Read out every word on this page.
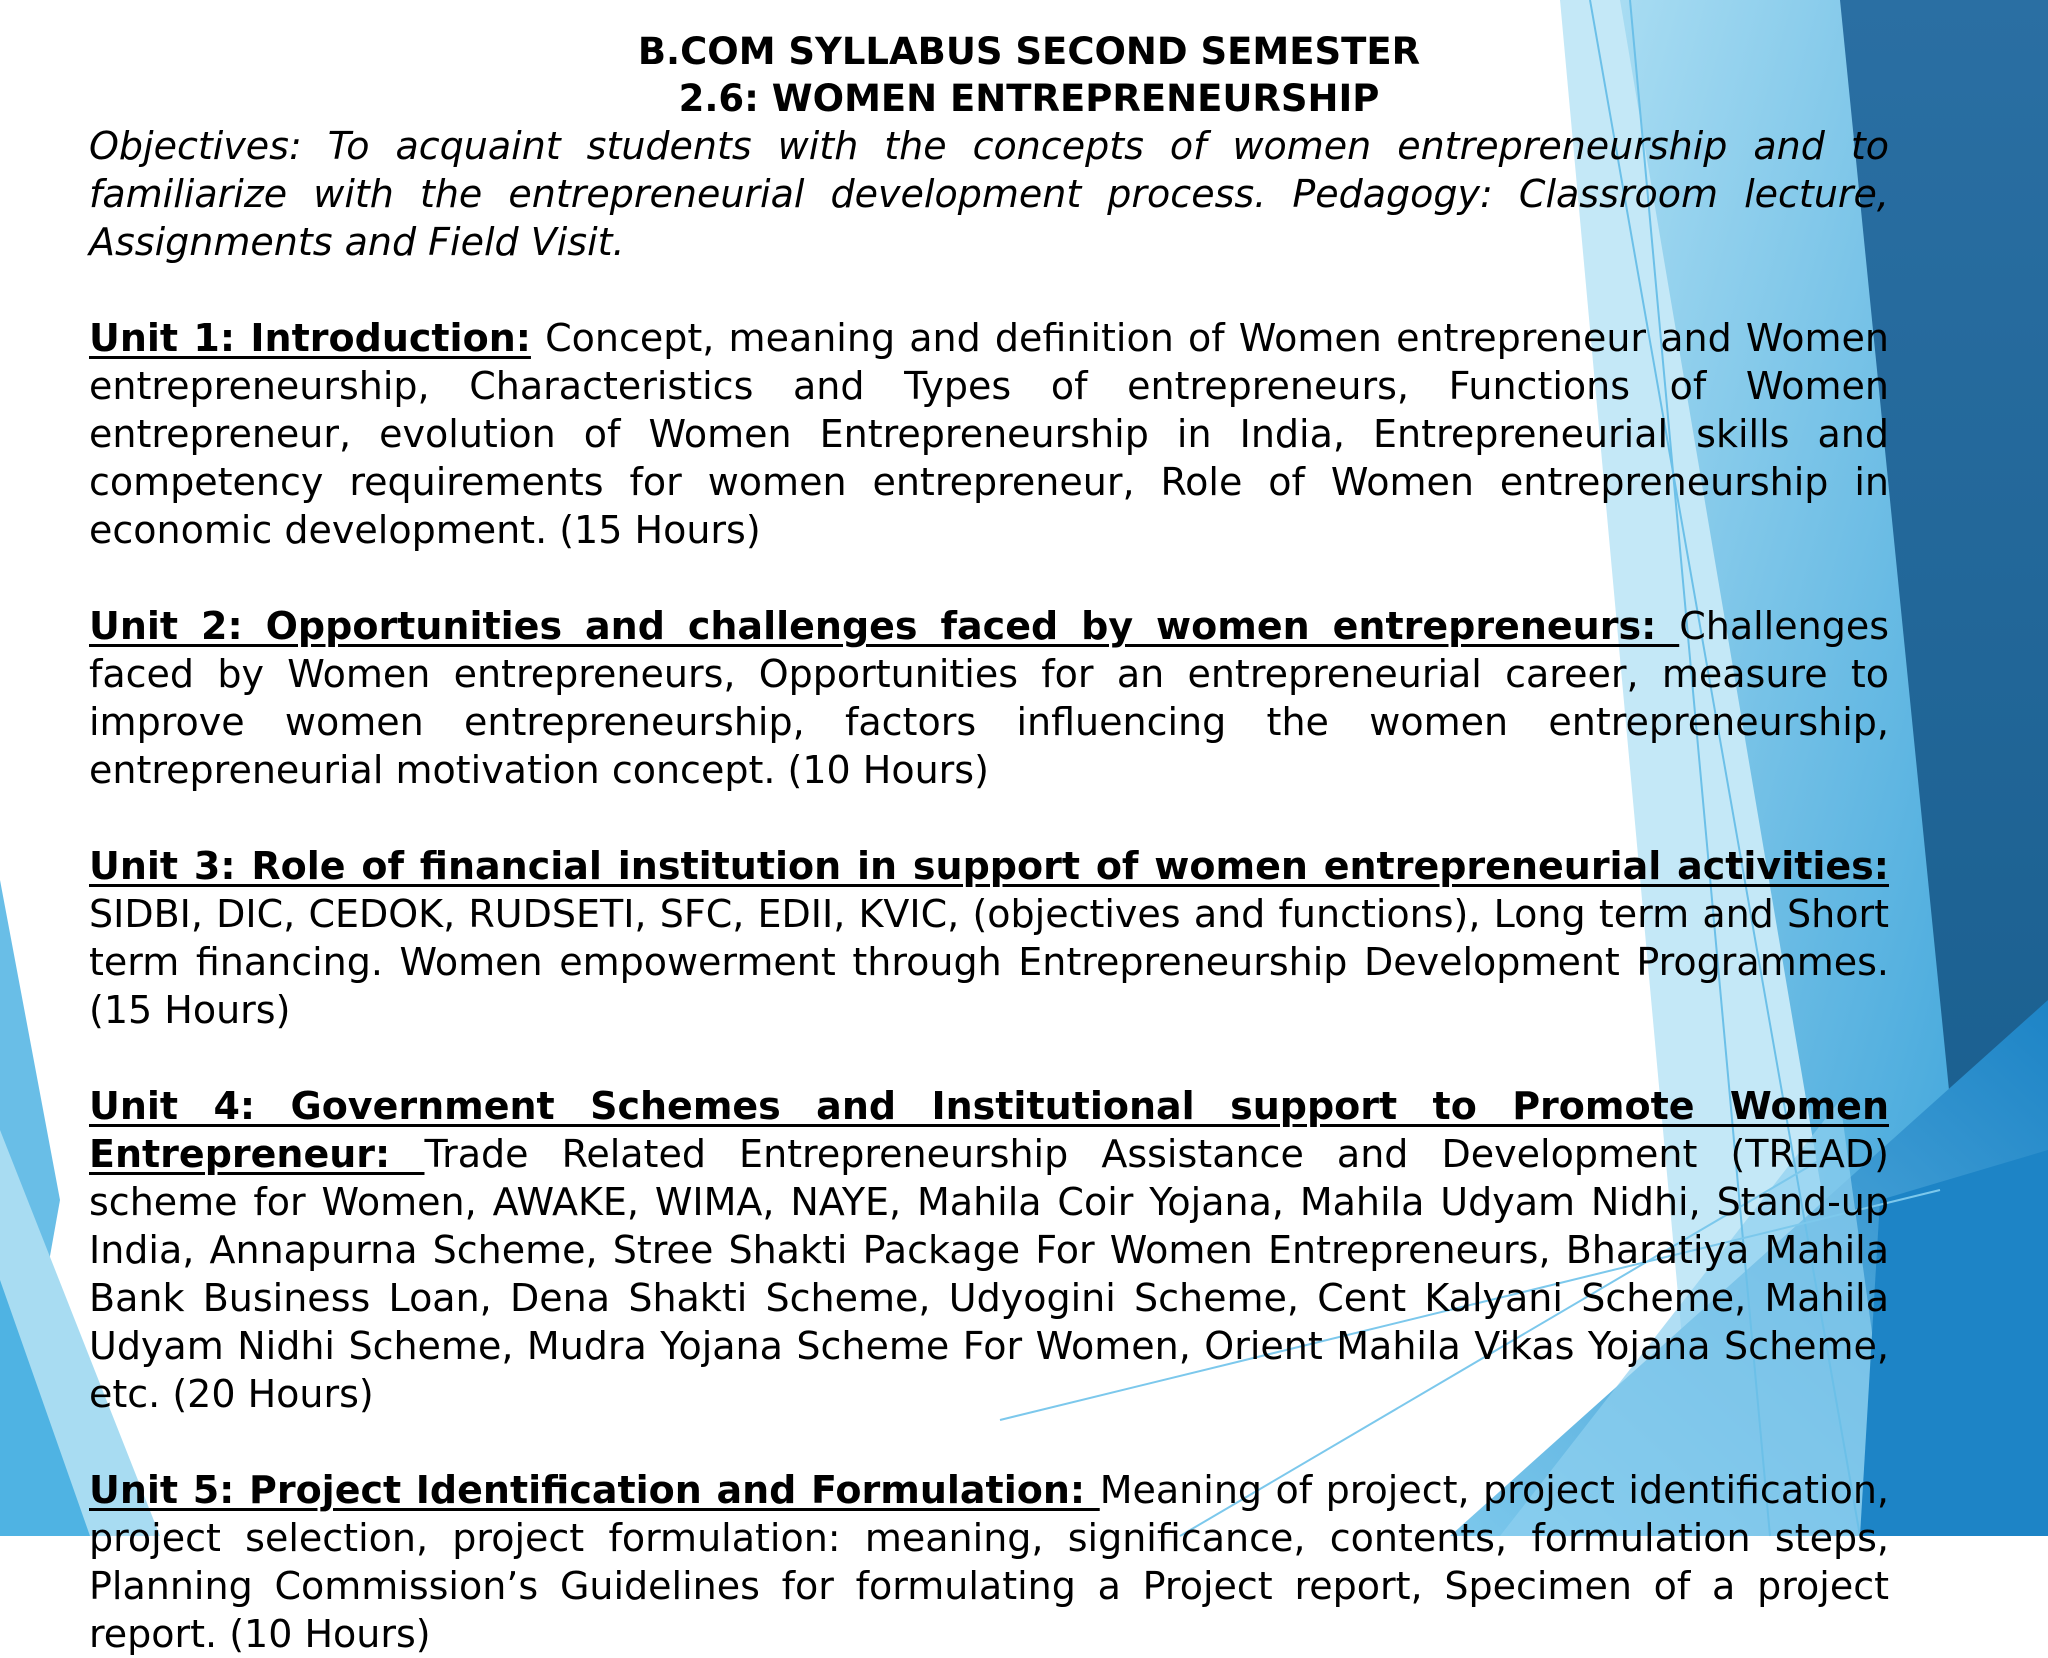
B.COM SYLLABUS SECOND SEMESTER
2.6: WOMEN ENTREPRENEURSHIP

Objectives: To acquaint students with the concepts of women entrepreneurship and to familiarize with the entrepreneurial development process. Pedagogy: Classroom lecture, Assignments and Field Visit.

Unit 1: Introduction: Concept, meaning and definition of Women entrepreneur and Women entrepreneurship, Characteristics and Types of entrepreneurs, Functions of Women entrepreneur, evolution of Women Entrepreneurship in India, Entrepreneurial skills and competency requirements for women entrepreneur, Role of Women entrepreneurship in economic development. (15 Hours)

Unit 2: Opportunities and challenges faced by women entrepreneurs: Challenges faced by Women entrepreneurs, Opportunities for an entrepreneurial career, measure to improve women entrepreneurship, factors influencing the women entrepreneurship, entrepreneurial motivation concept. (10 Hours)

Unit 3: Role of financial institution in support of women entrepreneurial activities: SIDBI, DIC, CEDOK, RUDSETI, SFC, EDII, KVIC, (objectives and functions), Long term and Short term financing. Women empowerment through Entrepreneurship Development Programmes. (15 Hours)

Unit 4: Government Schemes and Institutional support to Promote Women Entrepreneur: Trade Related Entrepreneurship Assistance and Development (TREAD) scheme for Women, AWAKE, WIMA, NAYE, Mahila Coir Yojana, Mahila Udyam Nidhi, Stand-up India, Annapurna Scheme, Stree Shakti Package For Women Entrepreneurs, Bharatiya Mahila Bank Business Loan, Dena Shakti Scheme, Udyogini Scheme, Cent Kalyani Scheme, Mahila Udyam Nidhi Scheme, Mudra Yojana Scheme For Women, Orient Mahila Vikas Yojana Scheme, etc. (20 Hours)

Unit 5: Project Identification and Formulation: Meaning of project, project identification, project selection, project formulation: meaning, significance, contents, formulation steps, Planning Commission’s Guidelines for formulating a Project report, Specimen of a project report. (10 Hours)
